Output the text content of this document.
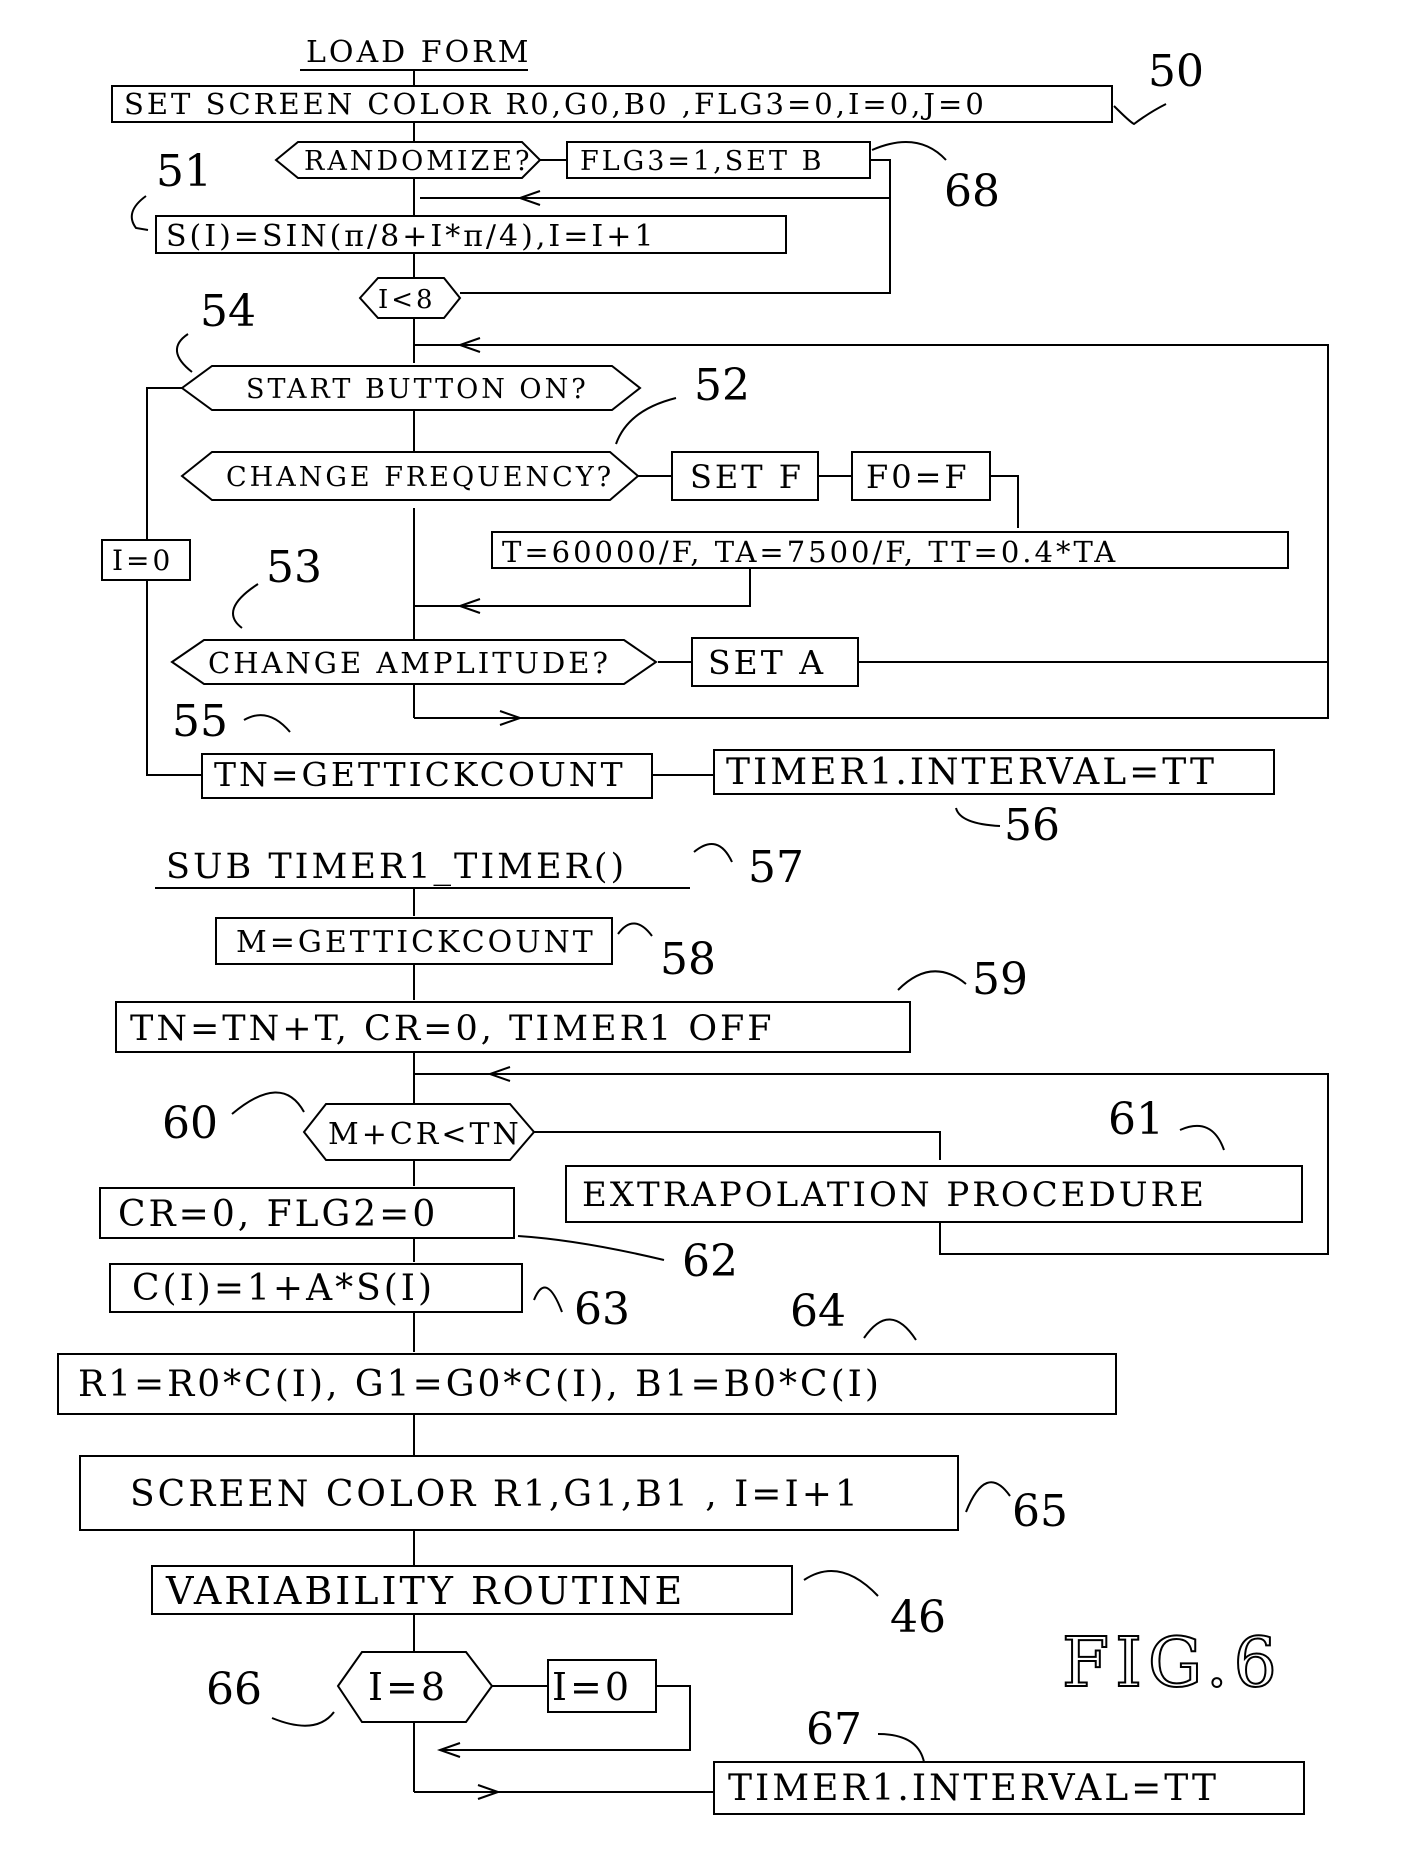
LOAD FORM
SET SCREEN COLOR R0,G0,B0 ,FLG3=0,I=0,J=0
RANDOMIZE? FLG3=1,SET B
S(I)=SIN(π/8+I*π/4),I=I+1
I<8
START BUTTON ON?
CHANGE FREQUENCY? SET F F0=F
I=0	T=60000/F, TA=7500/F, TT=0.4*TA
CHANGE AMPLITUDE?	SET A
TN=GETTICKCOUNT	TIMER1.INTERVAL=TT
SUB TIMER1_TIMER()
M=GETTICKCOUNT
TN=TN+T, CR=0, TIMER1 OFF
M+CR<TN
EXTRAPOLATION PROCEDURE
CR=0, FLG2=0
C(I)=1+A*S(I)
R1=R0*C(I), G1=G0*C(I), B1=B0*C(I)
SCREEN COLOR R1,G1,B1 , I=I+1
VARIABILITY ROUTINE
I=8	I=0
TIMER1.INTERVAL=TT
50
51	68
54
52
53
55
56
57
58	59
60	61
62
63	64
65
46
66
67
FIG.6
